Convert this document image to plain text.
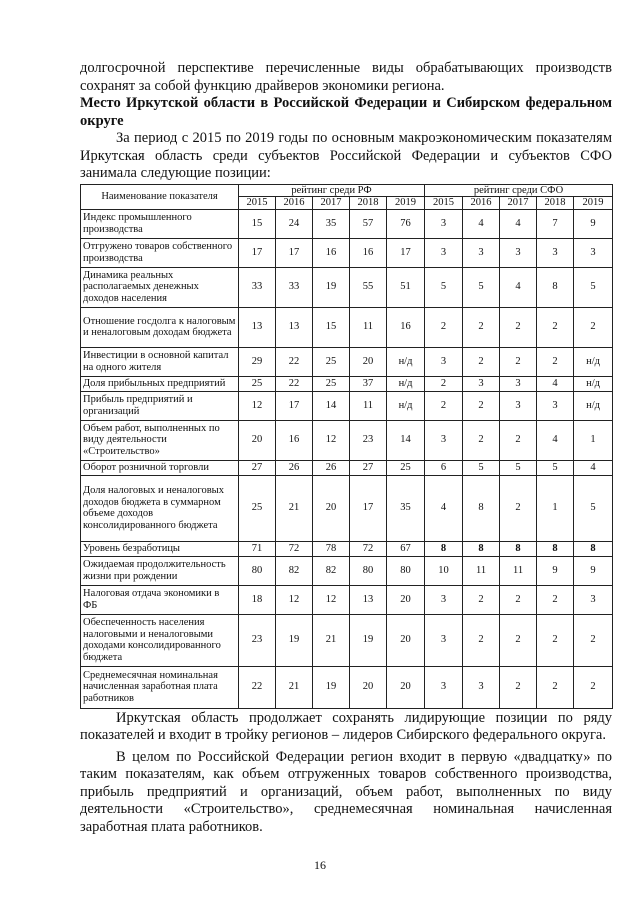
долгосрочной перспективе перечисленные виды обрабатывающих производств сохранят за собой функцию драйверов экономики региона.

Место Иркутской области в Российской Федерации и Сибирском федеральном округе

За период с 2015 по 2019 годы по основным макроэкономическим показателям Иркутская область среди субъектов Российской Федерации и субъектов СФО занимала следующие позиции:

Наименование показателя	рейтинг среди РФ					рейтинг среди СФО				
	2015	2016	2017	2018	2019	2015	2016	2017	2018	2019
Индекс промышленного производства	15	24	35	57	76	3	4	4	7	9
Отгружено товаров собственного производства	17	17	16	16	17	3	3	3	3	3
Динамика реальных располагаемых денежных доходов населения	33	33	19	55	51	5	5	4	8	5
Отношение госдолга к налоговым и неналоговым доходам бюджета	13	13	15	11	16	2	2	2	2	2
Инвестиции в основной капитал на одного жителя	29	22	25	20	н/д	3	2	2	2	н/д
Доля прибыльных предприятий	25	22	25	37	н/д	2	3	3	4	н/д
Прибыль предприятий и организаций	12	17	14	11	н/д	2	2	3	3	н/д
Объем работ, выполненных по виду деятельности «Строительство»	20	16	12	23	14	3	2	2	4	1
Оборот розничной торговли	27	26	26	27	25	6	5	5	5	4
Доля налоговых и неналоговых доходов бюджета в суммарном объеме доходов консолидированного бюджета	25	21	20	17	35	4	8	2	1	5
Уровень безработицы	71	72	78	72	67	8	8	8	8	8
Ожидаемая продолжительность жизни при рождении	80	82	82	80	80	10	11	11	9	9
Налоговая отдача экономики в ФБ	18	12	12	13	20	3	2	2	2	3
Обеспеченность населения налоговыми и неналоговыми доходами консолидированного бюджета	23	19	21	19	20	3	2	2	2	2
Среднемесячная номинальная начисленная заработная плата работников	22	21	19	20	20	3	3	2	2	2

Иркутская область продолжает сохранять лидирующие позиции по ряду показателей и входит в тройку регионов – лидеров Сибирского федерального округа.

В целом по Российской Федерации регион входит в первую «двадцатку» по таким показателям, как объем отгруженных товаров собственного производства, прибыль предприятий и организаций, объем работ, выполненных по виду деятельности «Строительство», среднемесячная номинальная начисленная заработная плата работников.

16
